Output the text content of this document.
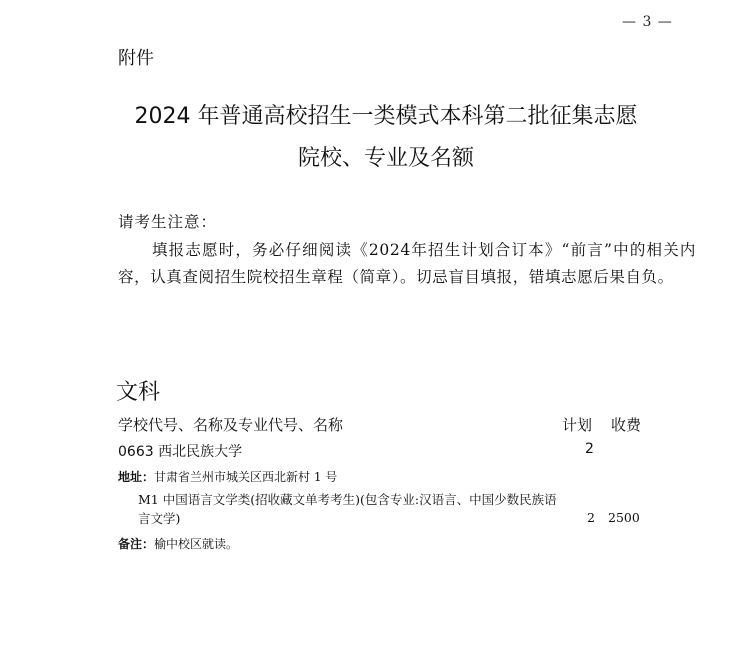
— 3 —
附件
2024 年普通高校招生一类模式本科第二批征集志愿
院校、专业及名额
请考生注意：
填报志愿时，务必仔细阅读《2024年招生计划合订本》“前言”中的相关内容，认真查阅招生院校招生章程（简章）。切忌盲目填报，错填志愿后果自负。
文科
学校代号、名称及专业代号、名称	计划 收费
0663 西北民族大学	2
地址：甘肃省兰州市城关区西北新村 1 号
M1 中国语言文学类(招收藏文单考考生)(包含专业:汉语言、中国少数民族语言文学)	2 2500
备注：榆中校区就读。
